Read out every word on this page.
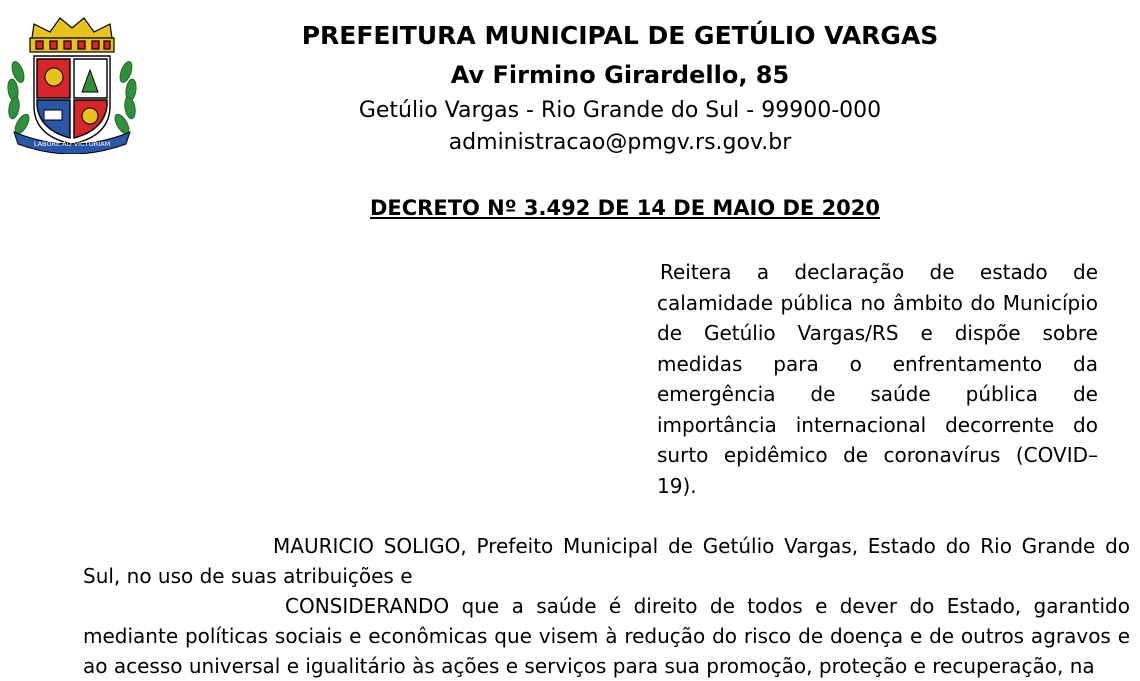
LABORE AD VICTORIAM
PREFEITURA MUNICIPAL DE GETÚLIO VARGAS
Av Firmino Girardello, 85
Getúlio Vargas - Rio Grande do Sul - 99900-000
administracao@pmgv.rs.gov.br
DECRETO Nº 3.492 DE 14 DE MAIO DE 2020

Reitera a declaração de estado de calamidade pública no âmbito do Município de Getúlio Vargas/RS e dispõe sobre medidas para o enfrentamento da emergência de saúde pública de importância internacional decorrente do surto epidêmico de coronavírus (COVID–19).

MAURICIO SOLIGO, Prefeito Municipal de Getúlio Vargas, Estado do Rio Grande do Sul, no uso de suas atribuições e

CONSIDERANDO que a saúde é direito de todos e dever do Estado, garantido mediante políticas sociais e econômicas que visem à redução do risco de doença e de outros agravos e ao acesso universal e igualitário às ações e serviços para sua promoção, proteção e recuperação, na
